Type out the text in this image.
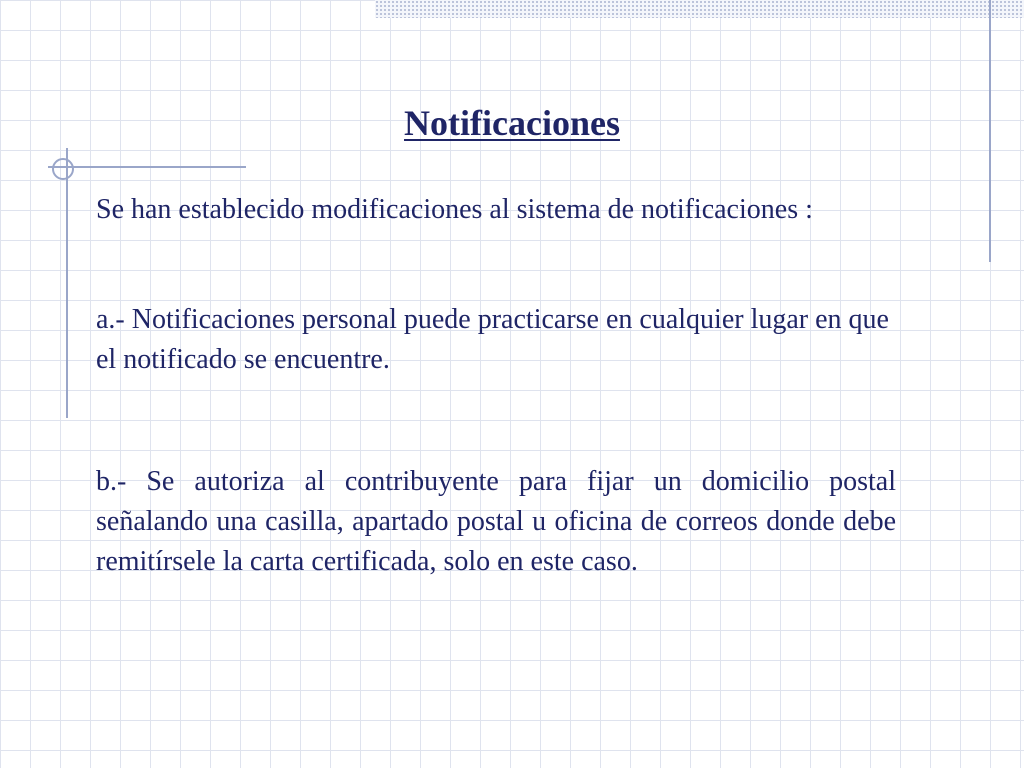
Notificaciones

Se han establecido modificaciones al sistema de notificaciones :

a.- Notificaciones personal puede practicarse en cualquier lugar en que el notificado se encuentre.

b.- Se autoriza al contribuyente para fijar un domicilio postal señalando una casilla, apartado postal u oficina de correos donde debe remitírsele la carta certificada, solo en este caso.
